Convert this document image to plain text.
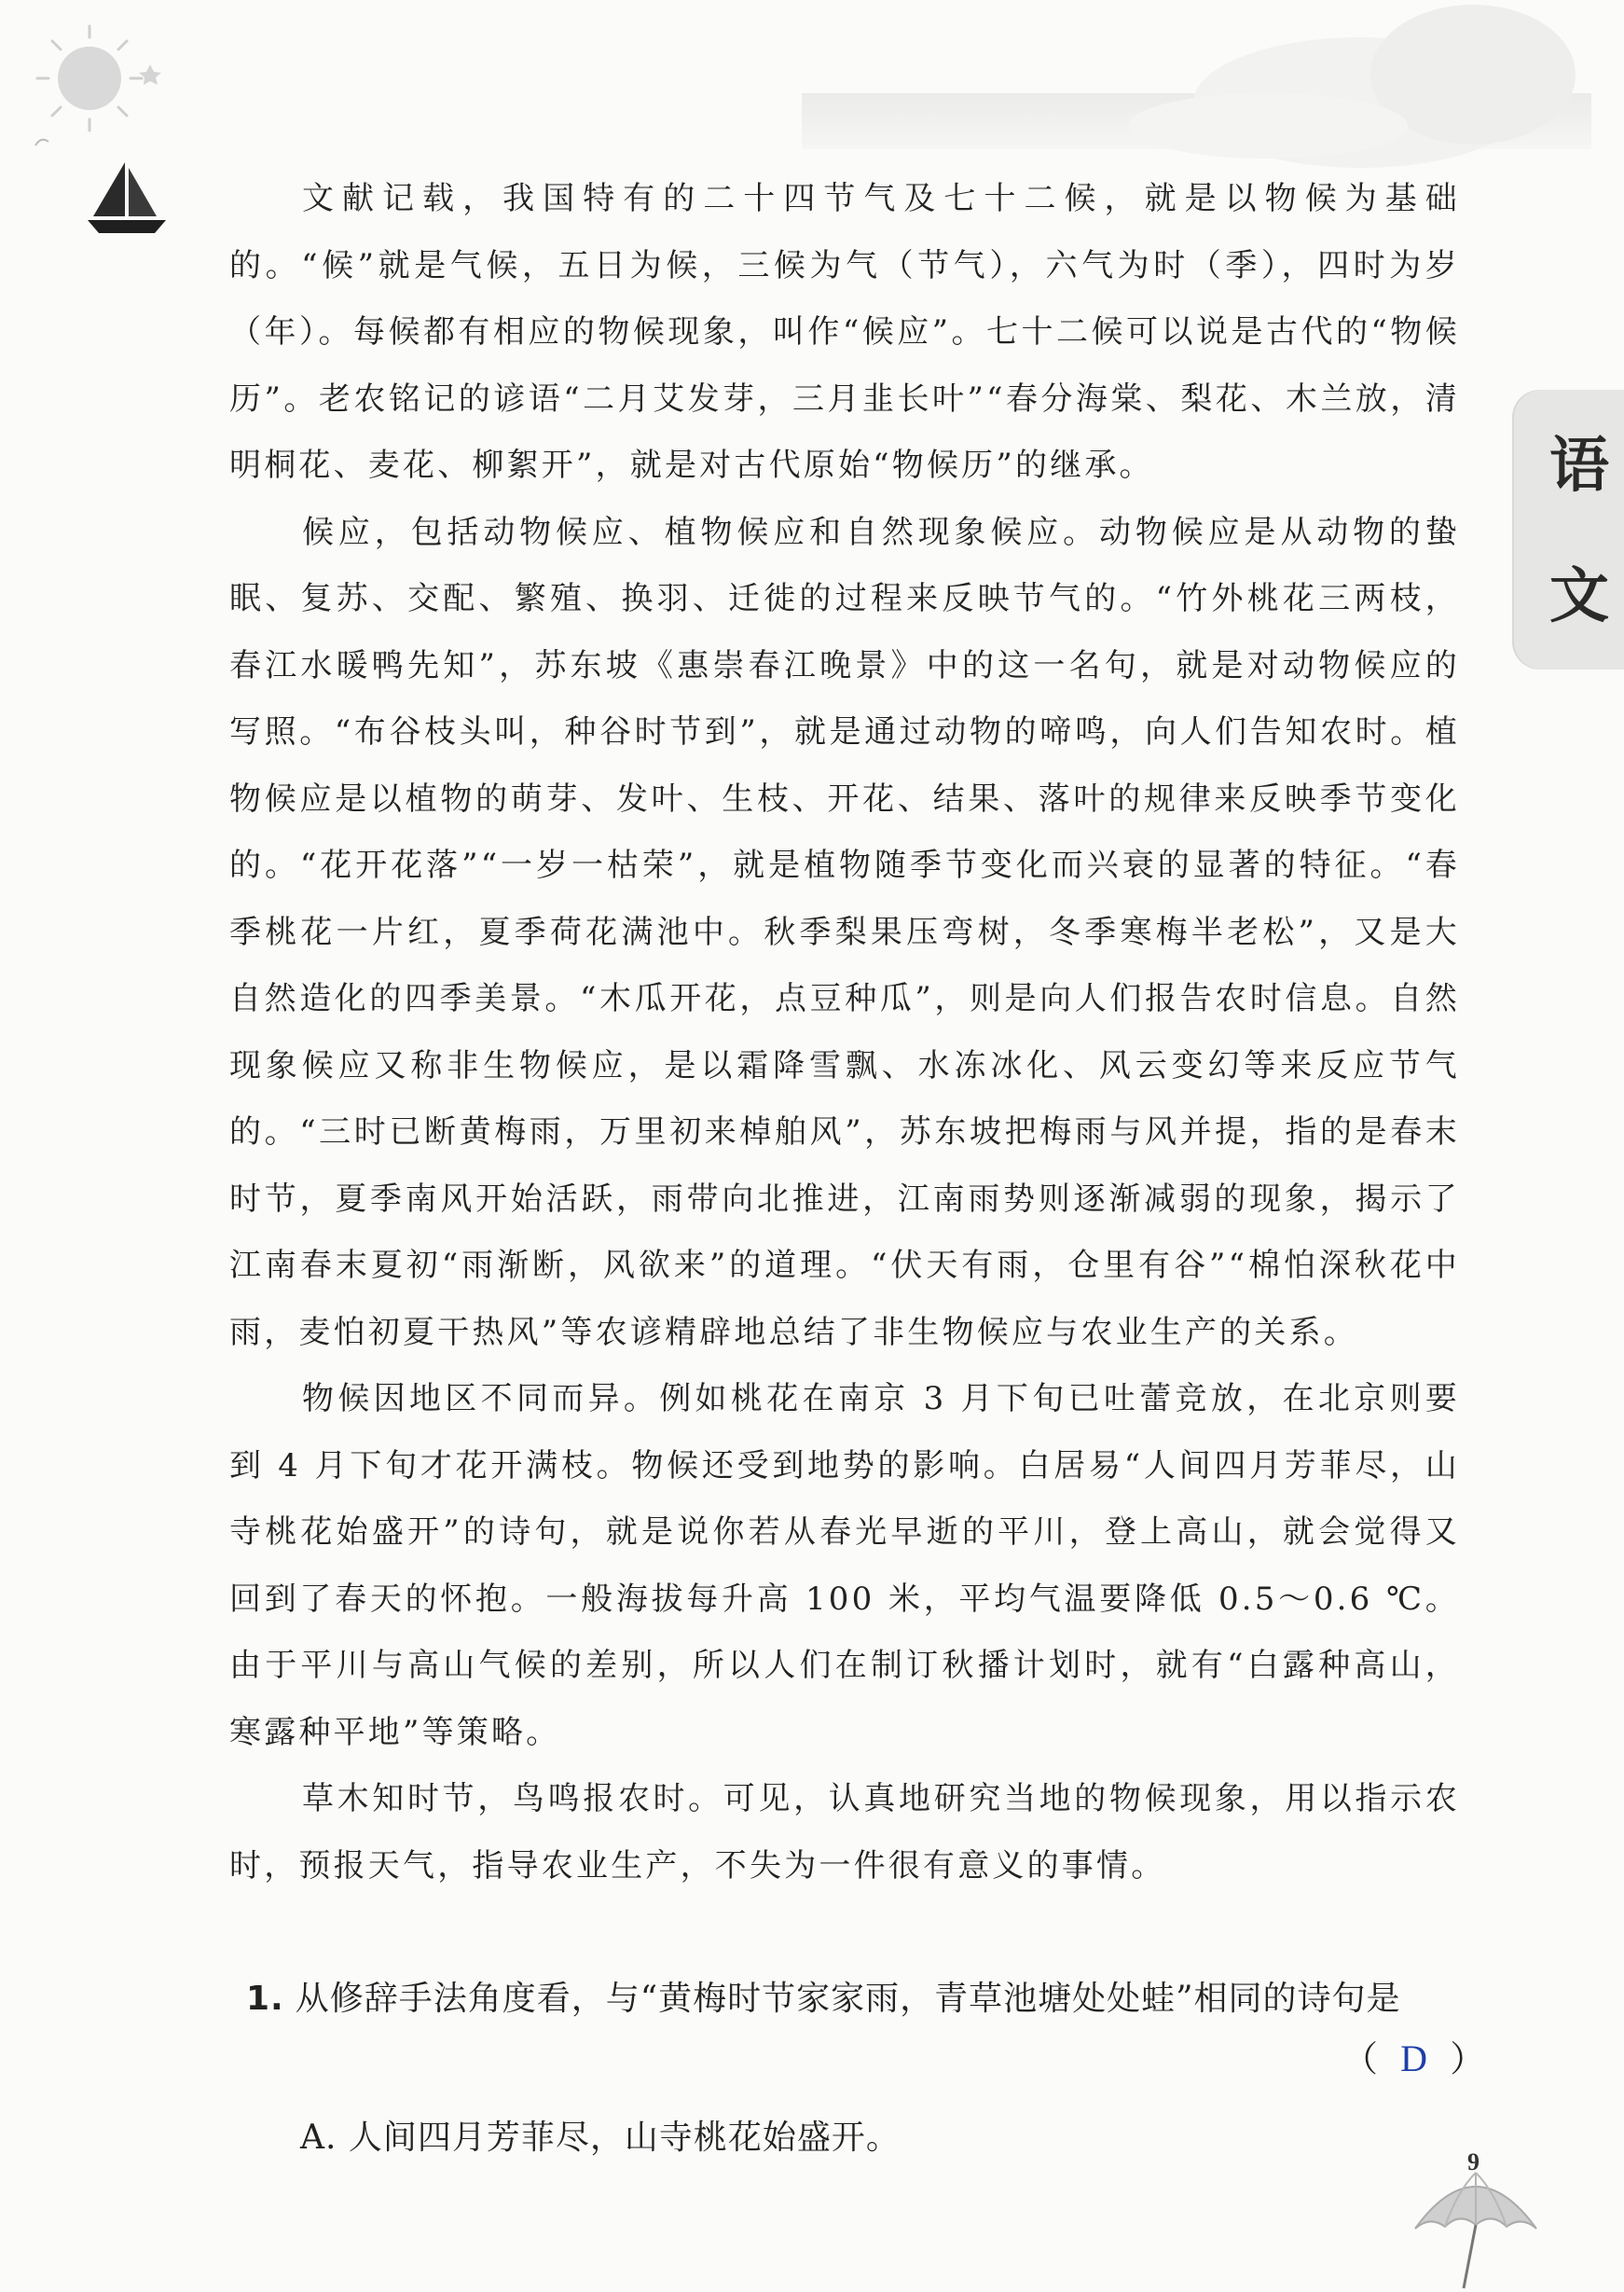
语
文

文献记载，我国特有的二十四节气及七十二候，就是以物候为基础的。“候”就是气候，五日为候，三候为气（节气），六气为时（季），四时为岁（年）。每候都有相应的物候现象，叫作“候应”。七十二候可以说是古代的“物候历”。老农铭记的谚语“二月艾发芽，三月韭长叶”“春分海棠、梨花、木兰放，清明桐花、麦花、柳絮开”，就是对古代原始“物候历”的继承。

候应，包括动物候应、植物候应和自然现象候应。动物候应是从动物的蛰眠、复苏、交配、繁殖、换羽、迁徙的过程来反映节气的。“竹外桃花三两枝，春江水暖鸭先知”，苏东坡《惠崇春江晚景》中的这一名句，就是对动物候应的写照。“布谷枝头叫，种谷时节到”，就是通过动物的啼鸣，向人们告知农时。植物候应是以植物的萌芽、发叶、生枝、开花、结果、落叶的规律来反映季节变化的。“花开花落”“一岁一枯荣”，就是植物随季节变化而兴衰的显著的特征。“春季桃花一片红，夏季荷花满池中。秋季梨果压弯树，冬季寒梅半老松”，又是大自然造化的四季美景。“木瓜开花，点豆种瓜”，则是向人们报告农时信息。自然现象候应又称非生物候应，是以霜降雪飘、水冻冰化、风云变幻等来反应节气的。“三时已断黄梅雨，万里初来棹舶风”，苏东坡把梅雨与风并提，指的是春末时节，夏季南风开始活跃，雨带向北推进，江南雨势则逐渐减弱的现象，揭示了江南春末夏初“雨渐断，风欲来”的道理。“伏天有雨，仓里有谷”“棉怕深秋花中雨，麦怕初夏干热风”等农谚精辟地总结了非生物候应与农业生产的关系。

物候因地区不同而异。例如桃花在南京 3 月下旬已吐蕾竞放，在北京则要到 4 月下旬才花开满枝。物候还受到地势的影响。白居易“人间四月芳菲尽，山寺桃花始盛开”的诗句，就是说你若从春光早逝的平川，登上高山，就会觉得又回到了春天的怀抱。一般海拔每升高 100 米，平均气温要降低 0.5～0.6 ℃。由于平川与高山气候的差别，所以人们在制订秋播计划时，就有“白露种高山，寒露种平地”等策略。

草木知时节，鸟鸣报农时。可见，认真地研究当地的物候现象，用以指示农时，预报天气，指导农业生产，不失为一件很有意义的事情。

1. 从修辞手法角度看，与“黄梅时节家家雨，青草池塘处处蛙”相同的诗句是
（  D  ）
A. 人间四月芳菲尽，山寺桃花始盛开。
9
